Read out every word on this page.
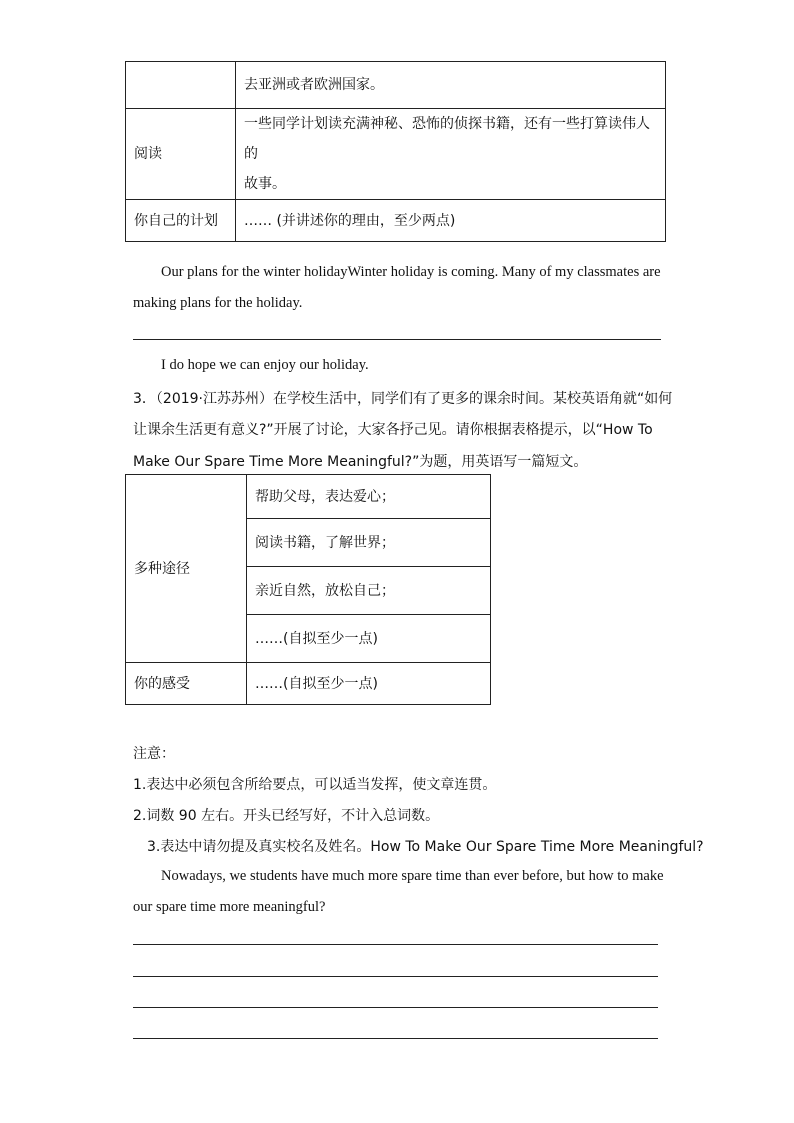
	去亚洲或者欧洲国家。
阅读	一些同学计划读充满神秘、恐怖的侦探书籍，还有一些打算读伟人的
故事。

你自己的计划	…… (并讲述你的理由，至少两点)
Our plans for the winter holidayWinter holiday is coming. Many of my classmates are
making plans for the holiday.
I do hope we can enjoy our holiday.
3．（2019·江苏苏州）在学校生活中，同学们有了更多的课余时间。某校英语角就“如何
让课余生活更有意义?”开展了讨论，大家各抒己见。请你根据表格提示，以“How To
Make Our Spare Time More Meaningful?”为题，用英语写一篇短文。
多种途径	帮助父母，表达爱心；
	阅读书籍，了解世界；
	亲近自然，放松自己；
	……(自拟至少一点)
你的感受	……(自拟至少一点)
注意：
1.表达中必须包含所给要点，可以适当发挥，使文章连贯。
2.词数 90 左右。开头已经写好，不计入总词数。
3.表达中请勿提及真实校名及姓名。How To Make Our Spare Time More Meaningful?
Nowadays, we students have much more spare time than ever before, but how to make
our spare time more meaningful?
